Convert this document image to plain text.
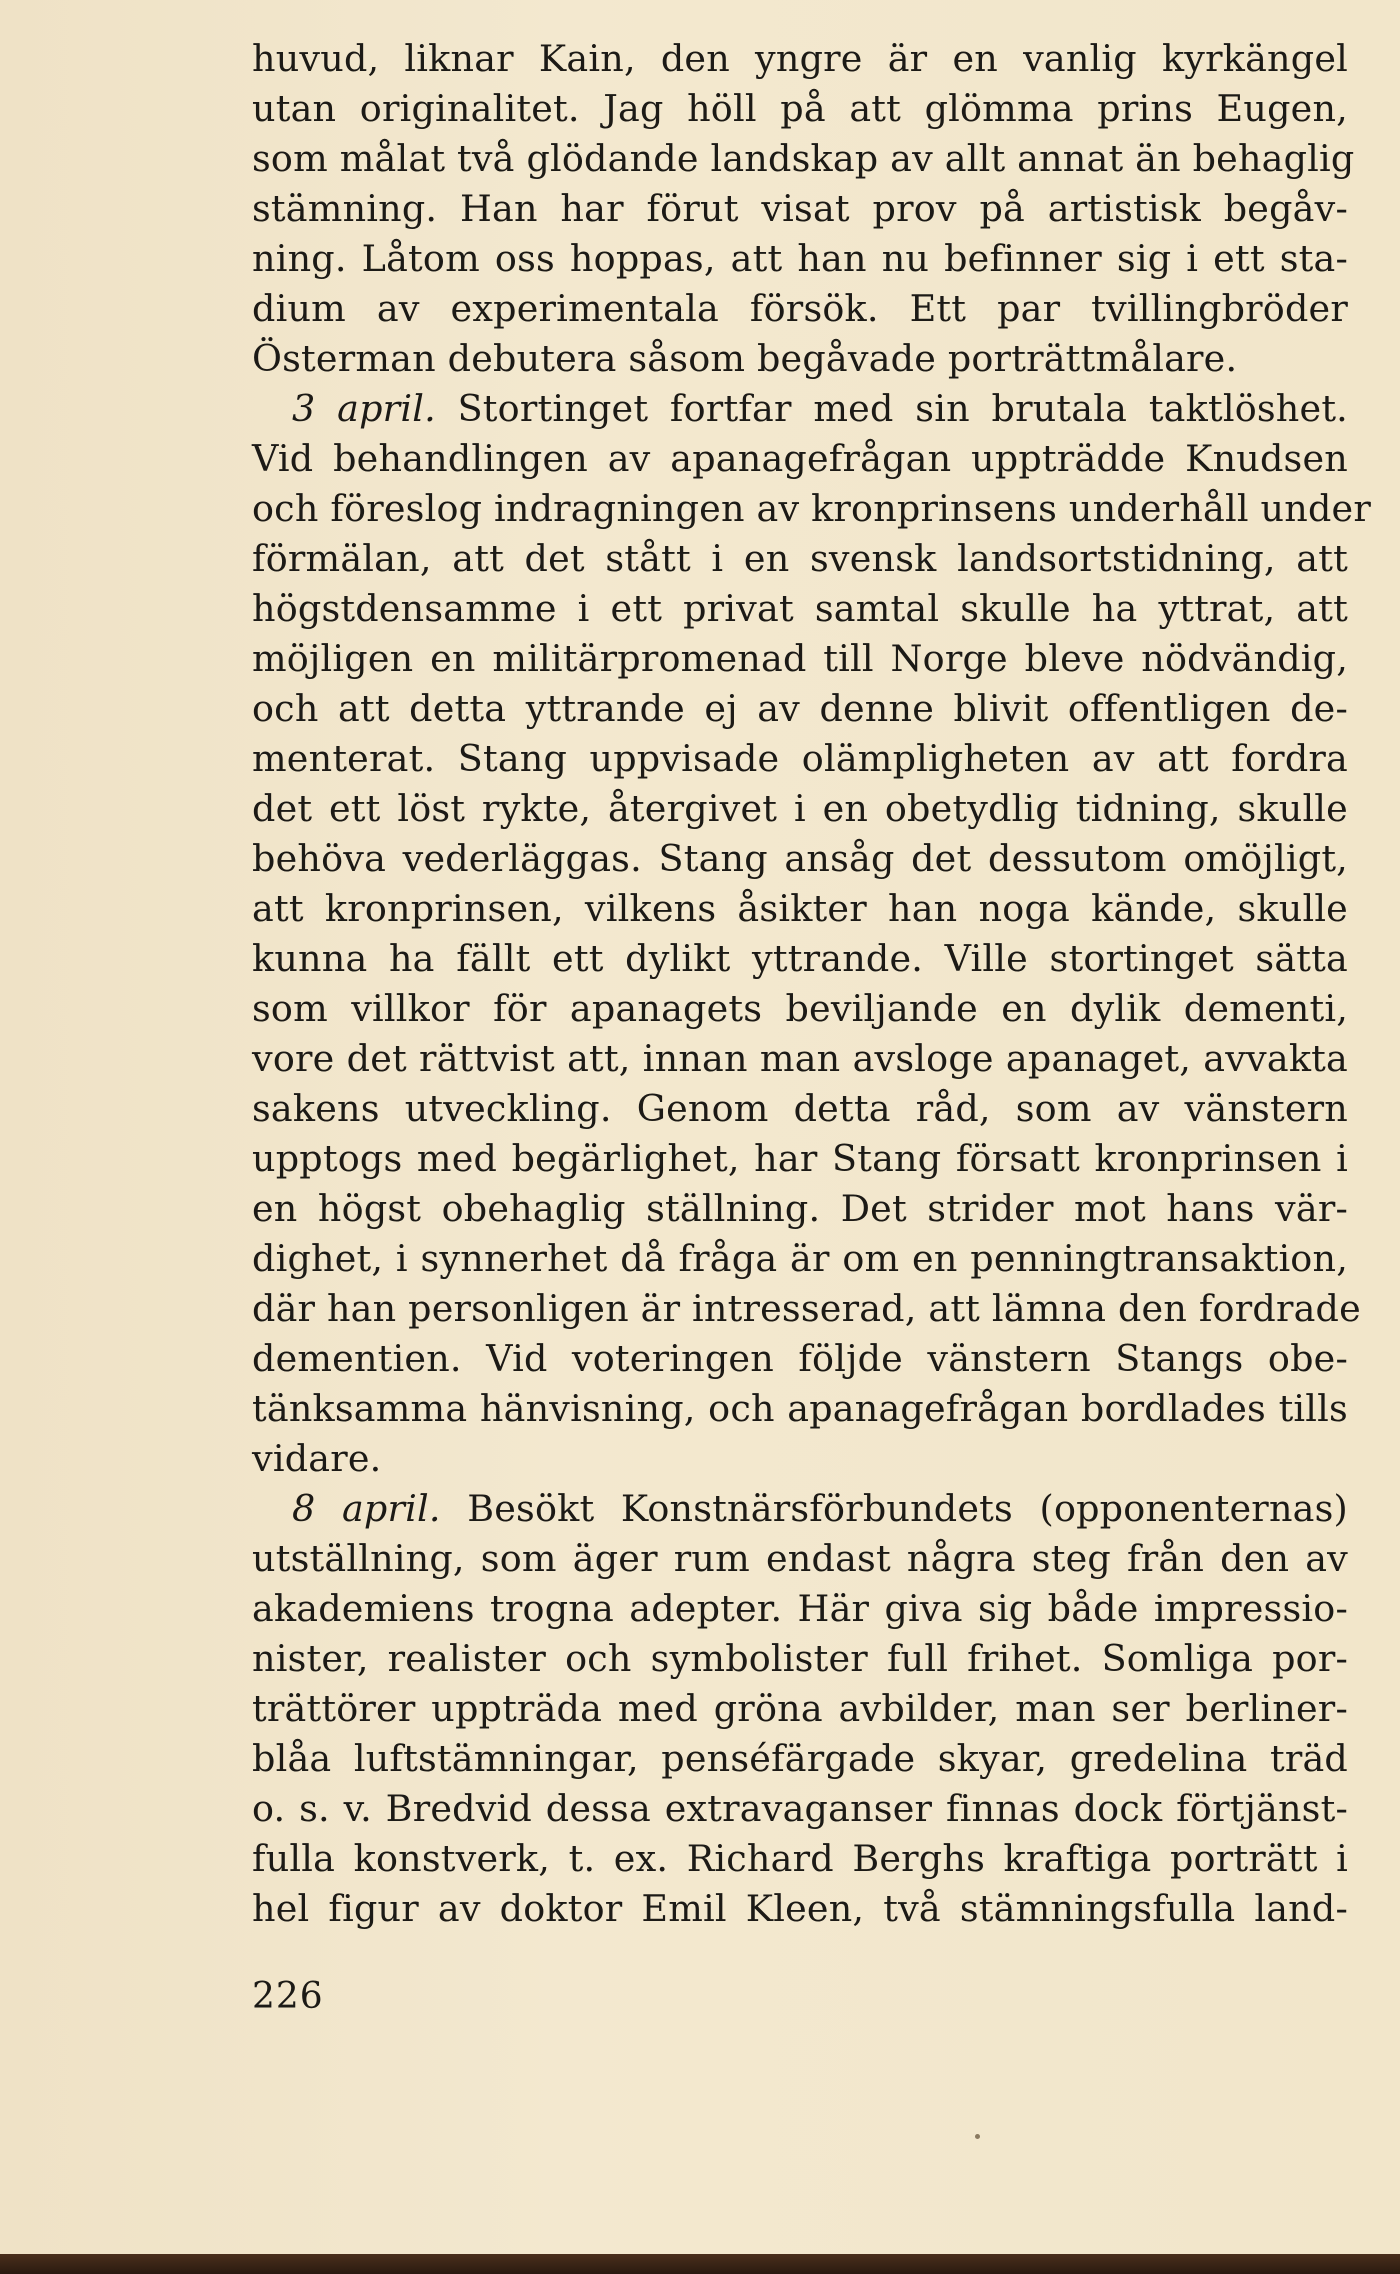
huvud, liknar Kain, den yngre är en vanlig kyrkängel
utan originalitet. Jag höll på att glömma prins Eugen,
som målat två glödande landskap av allt annat än behaglig
stämning. Han har förut visat prov på artistisk begåv-
ning. Låtom oss hoppas, att han nu befinner sig i ett sta-
dium av experimentala försök. Ett par tvillingbröder
Österman debutera såsom begåvade porträttmålare.
3 april. Stortinget fortfar med sin brutala taktlöshet.
Vid behandlingen av apanagefrågan uppträdde Knudsen
och föreslog indragningen av kronprinsens underhåll under
förmälan, att det stått i en svensk landsortstidning, att
högstdensamme i ett privat samtal skulle ha yttrat, att
möjligen en militärpromenad till Norge bleve nödvändig,
och att detta yttrande ej av denne blivit offentligen de-
menterat. Stang uppvisade olämpligheten av att fordra
det ett löst rykte, återgivet i en obetydlig tidning, skulle
behöva vederläggas. Stang ansåg det dessutom omöjligt,
att kronprinsen, vilkens åsikter han noga kände, skulle
kunna ha fällt ett dylikt yttrande. Ville stortinget sätta
som villkor för apanagets beviljande en dylik dementi,
vore det rättvist att, innan man avsloge apanaget, avvakta
sakens utveckling. Genom detta råd, som av vänstern
upptogs med begärlighet, har Stang försatt kronprinsen i
en högst obehaglig ställning. Det strider mot hans vär-
dighet, i synnerhet då fråga är om en penningtransaktion,
där han personligen är intresserad, att lämna den fordrade
dementien. Vid voteringen följde vänstern Stangs obe-
tänksamma hänvisning, och apanagefrågan bordlades tills
vidare.
8 april. Besökt Konstnärsförbundets (opponenternas)
utställning, som äger rum endast några steg från den av
akademiens trogna adepter. Här giva sig både impressio-
nister, realister och symbolister full frihet. Somliga por-
trättörer uppträda med gröna avbilder, man ser berliner-
blåa luftstämningar, penséfärgade skyar, gredelina träd
o. s. v. Bredvid dessa extravaganser finnas dock förtjänst-
fulla konstverk, t. ex. Richard Berghs kraftiga porträtt i
hel figur av doktor Emil Kleen, två stämningsfulla land-
226
